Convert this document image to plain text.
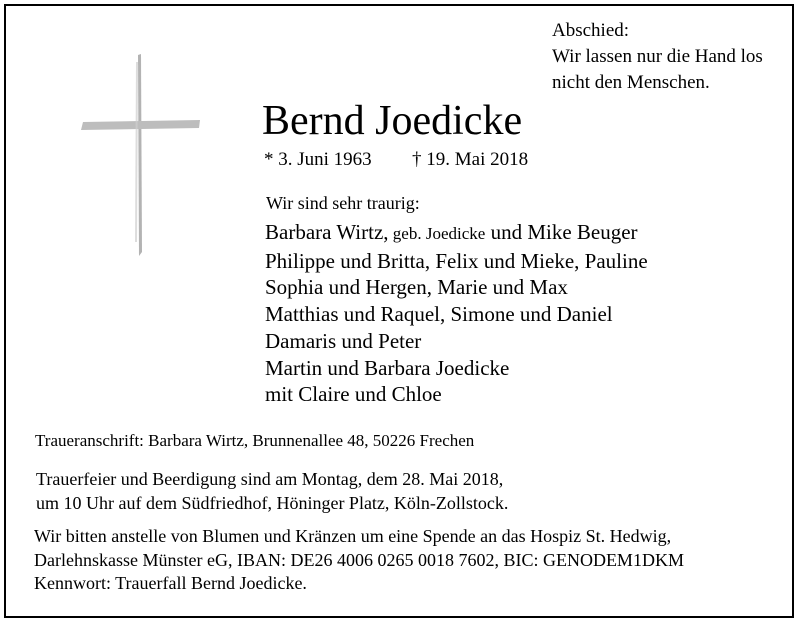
Abschied:
Wir lassen nur die Hand los
nicht den Menschen.
Bernd Joedicke
* 3. Juni 1963 † 19. Mai 2018
Wir sind sehr traurig:
Barbara Wirtz, geb. Joedicke und Mike Beuger
Philippe und Britta, Felix und Mieke, Pauline
Sophia und Hergen, Marie und Max
Matthias und Raquel, Simone und Daniel
Damaris und Peter
Martin und Barbara Joedicke
mit Claire und Chloe
Traueranschrift: Barbara Wirtz, Brunnenallee 48, 50226 Frechen
Trauerfeier und Beerdigung sind am Montag, dem 28. Mai 2018,
um 10 Uhr auf dem Südfriedhof, Höninger Platz, Köln-Zollstock.
Wir bitten anstelle von Blumen und Kränzen um eine Spende an das Hospiz St. Hedwig,
Darlehnskasse Münster eG, IBAN: DE26 4006 0265 0018 7602, BIC: GENODEM1DKM
Kennwort: Trauerfall Bernd Joedicke.
